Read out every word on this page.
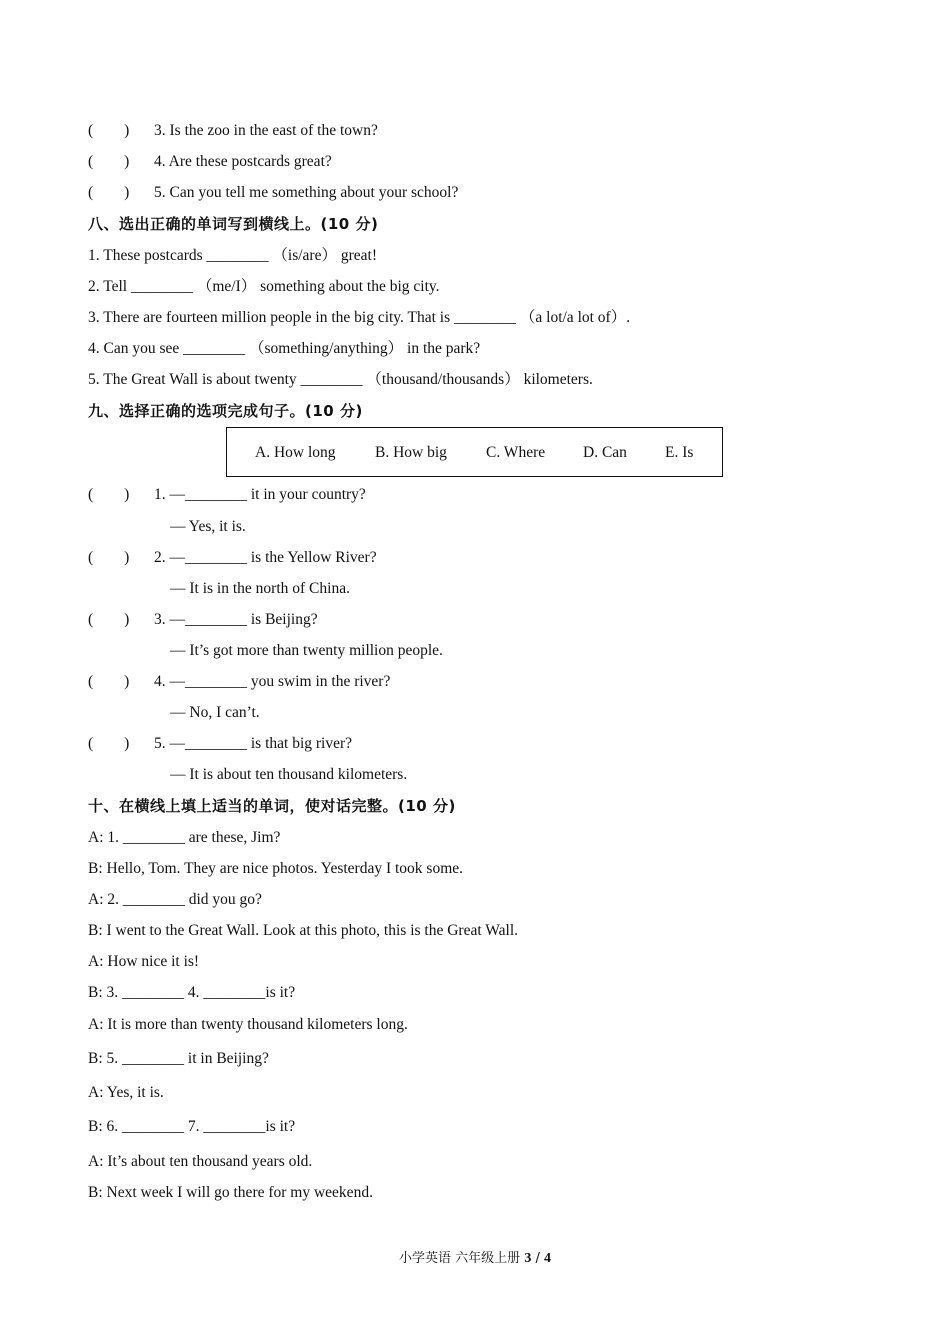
(        ) 3. Is the zoo in the east of the town?
(        ) 4. Are these postcards great?
(        ) 5. Can you tell me something about your school?
八、选出正确的单词写到横线上。(10 分)
1. These postcards ________ （is/are） great!
2. Tell ________ （me/I） something about the big city.
3. There are fourteen million people in the big city. That is ________ （a lot/a lot of）.
4. Can you see ________ （something/anything） in the park?
5. The Great Wall is about twenty ________ （thousand/thousands） kilometers.
九、选择正确的选项完成句子。(10 分)
A. How long	B. How big	C. Where D. Can E. Is
(        ) 1. —________ it in your country?
— Yes, it is.
(        ) 2. —________ is the Yellow River?
— It is in the north of China.
(        ) 3. —________ is Beijing?
— It’s got more than twenty million people.
(        ) 4. —________ you swim in the river?
— No, I can’t.
(        ) 5. —________ is that big river?
— It is about ten thousand kilometers.
十、在横线上填上适当的单词，使对话完整。(10 分)
A: 1. ________ are these, Jim?
B: Hello, Tom. They are nice photos. Yesterday I took some.
A: 2. ________ did you go?
B: I went to the Great Wall. Look at this photo, this is the Great Wall.
A: How nice it is!
B: 3. ________ 4. ________is it?
A: It is more than twenty thousand kilometers long.
B: 5. ________ it in Beijing?
A: Yes, it is.
B: 6. ________ 7. ________is it?
A: It’s about ten thousand years old.
B: Next week I will go there for my weekend.
小学英语 六年级上册 3 / 4
